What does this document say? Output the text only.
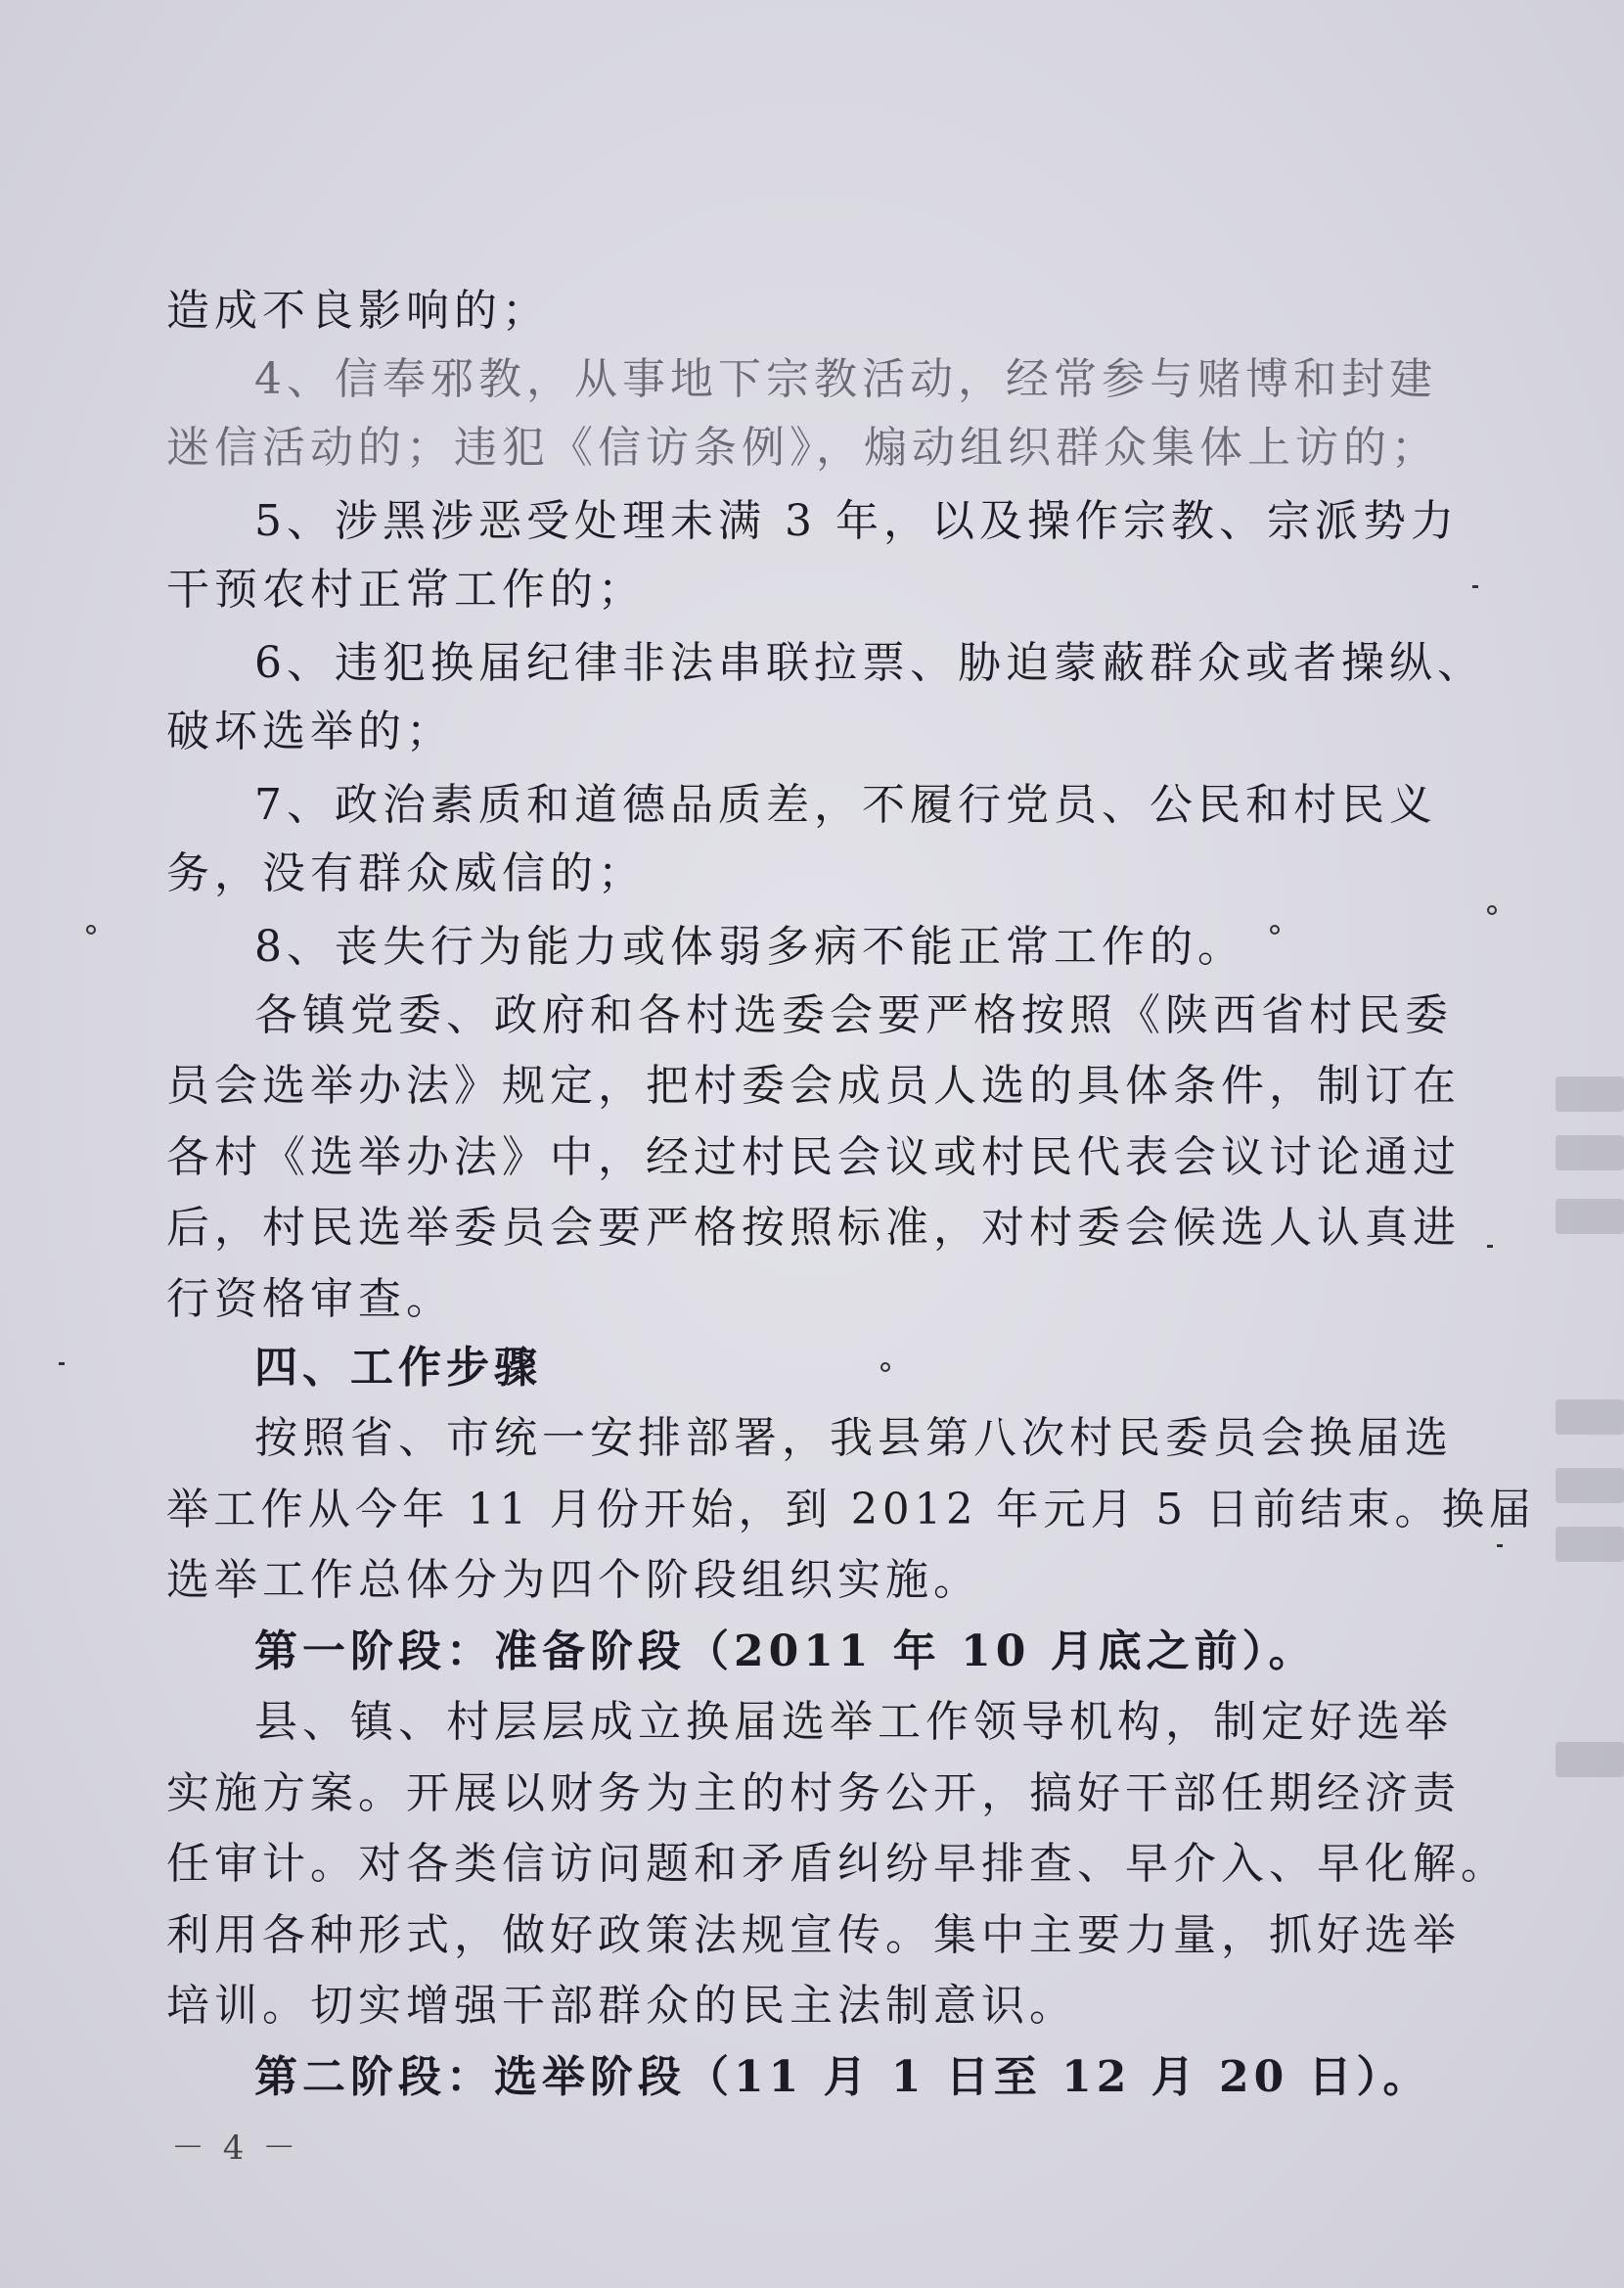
造成不良影响的；
4、信奉邪教，从事地下宗教活动，经常参与赌博和封建
迷信活动的；违犯《信访条例》，煽动组织群众集体上访的；
5、涉黑涉恶受处理未满 3 年，以及操作宗教、宗派势力
干预农村正常工作的；
6、违犯换届纪律非法串联拉票、胁迫蒙蔽群众或者操纵、
破坏选举的；
7、政治素质和道德品质差，不履行党员、公民和村民义
务，没有群众威信的；
8、丧失行为能力或体弱多病不能正常工作的。
各镇党委、政府和各村选委会要严格按照《陕西省村民委
员会选举办法》规定，把村委会成员人选的具体条件，制订在
各村《选举办法》中，经过村民会议或村民代表会议讨论通过
后，村民选举委员会要严格按照标准，对村委会候选人认真进
行资格审查。
四、工作步骤
按照省、市统一安排部署，我县第八次村民委员会换届选
举工作从今年 11 月份开始，到 2012 年元月 5 日前结束。换届
选举工作总体分为四个阶段组织实施。
第一阶段：准备阶段（2011 年 10 月底之前）。
县、镇、村层层成立换届选举工作领导机构，制定好选举
实施方案。开展以财务为主的村务公开，搞好干部任期经济责
任审计。对各类信访问题和矛盾纠纷早排查、早介入、早化解。
利用各种形式，做好政策法规宣传。集中主要力量，抓好选举
培训。切实增强干部群众的民主法制意识。
第二阶段：选举阶段（11 月 1 日至 12 月 20 日）。
－ 4 －
